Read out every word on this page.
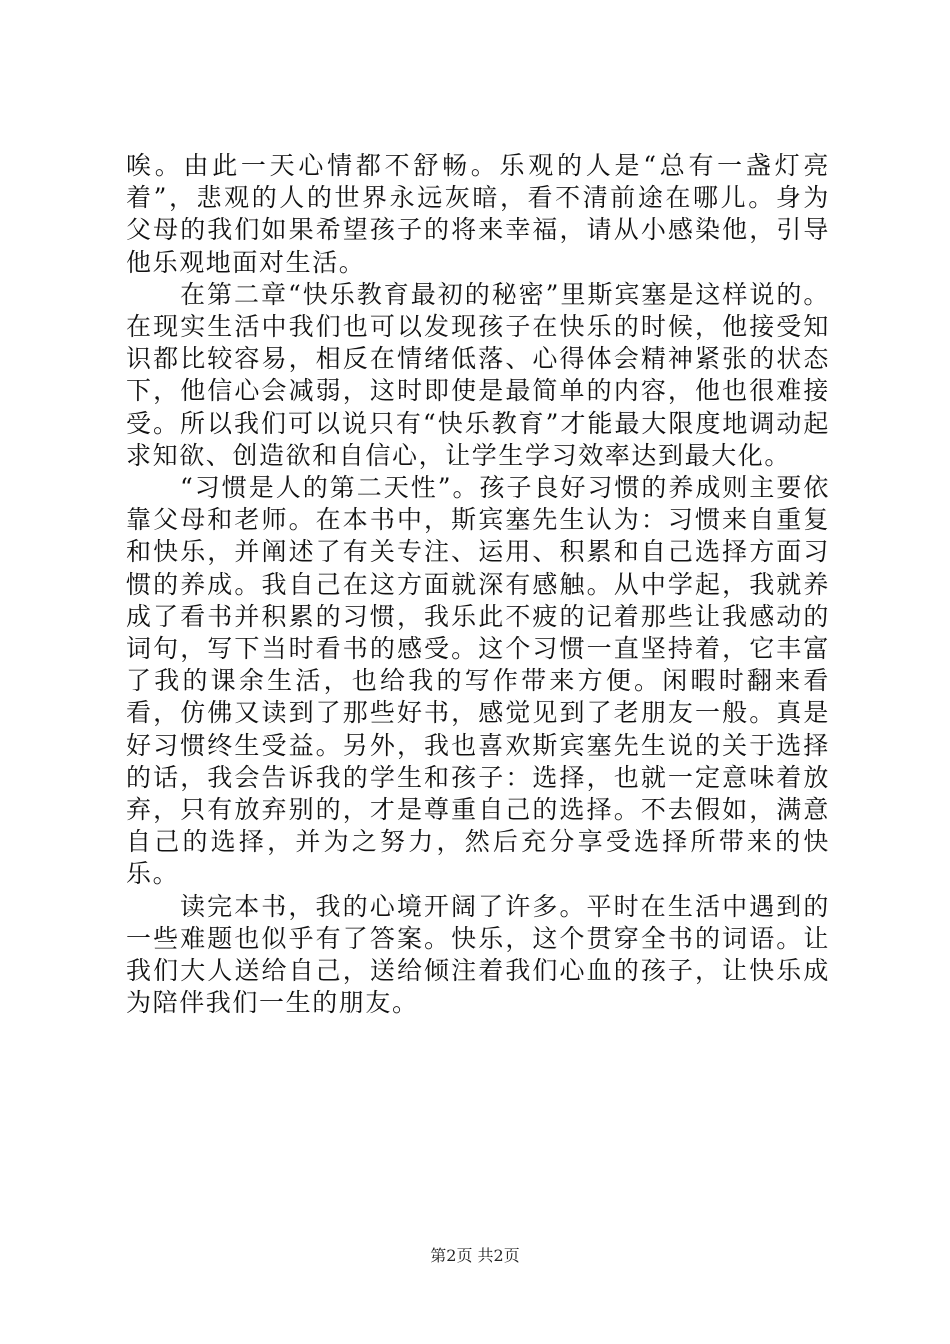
唉。由此一天心情都不舒畅。乐观的人是“总有一盏灯亮着”，悲观的人的世界永远灰暗，看不清前途在哪儿。身为父母的我们如果希望孩子的将来幸福，请从小感染他，引导他乐观地面对生活。

在第二章“快乐教育最初的秘密”里斯宾塞是这样说的。在现实生活中我们也可以发现孩子在快乐的时候，他接受知识都比较容易，相反在情绪低落、心得体会精神紧张的状态下，他信心会减弱，这时即使是最简单的内容，他也很难接受。所以我们可以说只有“快乐教育”才能最大限度地调动起求知欲、创造欲和自信心，让学生学习效率达到最大化。

“习惯是人的第二天性”。孩子良好习惯的养成则主要依靠父母和老师。在本书中，斯宾塞先生认为：习惯来自重复和快乐，并阐述了有关专注、运用、积累和自己选择方面习惯的养成。我自己在这方面就深有感触。从中学起，我就养成了看书并积累的习惯，我乐此不疲的记着那些让我感动的词句，写下当时看书的感受。这个习惯一直坚持着，它丰富了我的课余生活，也给我的写作带来方便。闲暇时翻来看看，仿佛又读到了那些好书，感觉见到了老朋友一般。真是好习惯终生受益。另外，我也喜欢斯宾塞先生说的关于选择的话，我会告诉我的学生和孩子：选择，也就一定意味着放弃，只有放弃别的，才是尊重自己的选择。不去假如，满意自己的选择，并为之努力，然后充分享受选择所带来的快乐。

读完本书，我的心境开阔了许多。平时在生活中遇到的一些难题也似乎有了答案。快乐，这个贯穿全书的词语。让我们大人送给自己，送给倾注着我们心血的孩子，让快乐成为陪伴我们一生的朋友。

第2页 共2页
